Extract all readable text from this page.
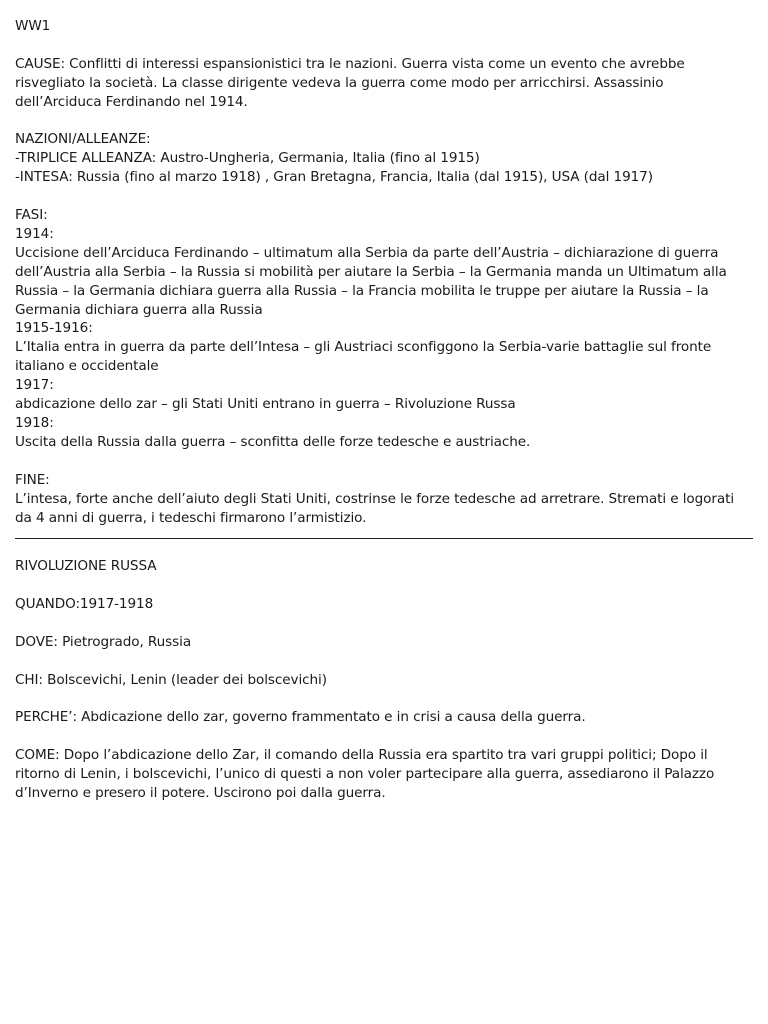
WW1
CAUSE: Conflitti di interessi espansionistici tra le nazioni. Guerra vista come un evento che avrebbe risvegliato la società. La classe dirigente vedeva la guerra come modo per arricchirsi. Assassinio dell’Arciduca Ferdinando nel 1914.
NAZIONI/ALLEANZE:
-TRIPLICE ALLEANZA: Austro-Ungheria, Germania, Italia (fino al 1915)
-INTESA: Russia (fino al marzo 1918) , Gran Bretagna, Francia, Italia (dal 1915), USA (dal 1917)
FASI:
1914:
Uccisione dell’Arciduca Ferdinando – ultimatum alla Serbia da parte dell’Austria – dichiarazione di guerra dell’Austria alla Serbia – la Russia si mobilità per aiutare la Serbia – la Germania manda un Ultimatum alla Russia – la Germania dichiara guerra alla Russia – la Francia mobilita le truppe per aiutare la Russia – la Germania dichiara guerra alla Russia
1915-1916:
L’Italia entra in guerra da parte dell’Intesa – gli Austriaci sconfiggono la Serbia-varie battaglie sul fronte italiano e occidentale
1917:
abdicazione dello zar – gli Stati Uniti entrano in guerra – Rivoluzione Russa
1918:
Uscita della Russia dalla guerra – sconfitta delle forze tedesche e austriache.
FINE:
L’intesa, forte anche dell’aiuto degli Stati Uniti, costrinse le forze tedesche ad arretrare. Stremati e logorati da 4 anni di guerra, i tedeschi firmarono l’armistizio.
RIVOLUZIONE RUSSA
QUANDO:1917-1918
DOVE: Pietrogrado, Russia
CHI: Bolscevichi, Lenin (leader dei bolscevichi)
PERCHE’: Abdicazione dello zar, governo frammentato e in crisi a causa della guerra.
COME: Dopo l’abdicazione dello Zar, il comando della Russia era spartito tra vari gruppi politici; Dopo il ritorno di Lenin, i bolscevichi, l’unico di questi a non voler partecipare alla guerra, assediarono il Palazzo d’Inverno e presero il potere. Uscirono poi dalla guerra.
